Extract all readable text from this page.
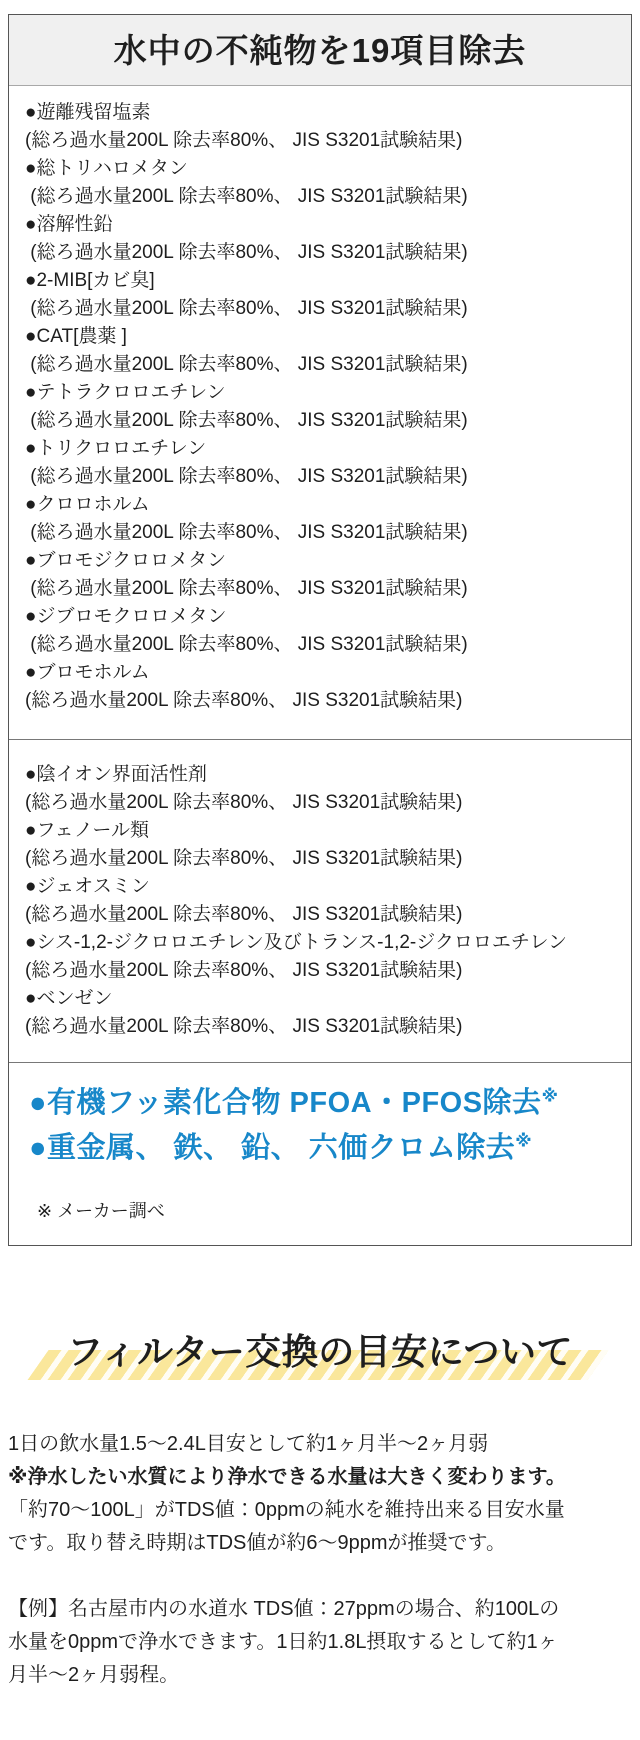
水中の不純物を19項目除去
●遊離残留塩素
(総ろ過水量200L 除去率80%、 JIS S3201試験結果)
●総トリハロメタン
(総ろ過水量200L 除去率80%、 JIS S3201試験結果)
●溶解性鉛
(総ろ過水量200L 除去率80%、 JIS S3201試験結果)
●2-MIB[カビ臭]
(総ろ過水量200L 除去率80%、 JIS S3201試験結果)
●CAT[農薬 ]
(総ろ過水量200L 除去率80%、 JIS S3201試験結果)
●テトラクロロエチレン
(総ろ過水量200L 除去率80%、 JIS S3201試験結果)
●トリクロロエチレン
(総ろ過水量200L 除去率80%、 JIS S3201試験結果)
●クロロホルム
(総ろ過水量200L 除去率80%、 JIS S3201試験結果)
●ブロモジクロロメタン
(総ろ過水量200L 除去率80%、 JIS S3201試験結果)
●ジブロモクロロメタン
(総ろ過水量200L 除去率80%、 JIS S3201試験結果)
●ブロモホルム
(総ろ過水量200L 除去率80%、 JIS S3201試験結果)
●陰イオン界面活性剤
(総ろ過水量200L 除去率80%、 JIS S3201試験結果)
●フェノール類
(総ろ過水量200L 除去率80%、 JIS S3201試験結果)
●ジェオスミン
(総ろ過水量200L 除去率80%、 JIS S3201試験結果)
●シス-1,2-ジクロロエチレン及びトランス-1,2-ジクロロエチレン
(総ろ過水量200L 除去率80%、 JIS S3201試験結果)
●ベンゼン
(総ろ過水量200L 除去率80%、 JIS S3201試験結果)
●有機フッ素化合物 PFOA・PFOS除去※
●重金属、 鉄、 鉛、 六価クロム除去※
※ メーカー調べ
フィルター交換の目安について
1日の飲水量1.5〜2.4L目安として約1ヶ月半〜2ヶ月弱
※浄水したい水質により浄水できる水量は大きく変わります。
「約70〜100L」がTDS値：0ppmの純水を維持出来る目安水量
です。取り替え時期はTDS値が約6〜9ppmが推奨です。
【例】名古屋市内の水道水 TDS値：27ppmの場合、約100Lの
水量を0ppmで浄水できます。1日約1.8L摂取するとして約1ヶ
月半〜2ヶ月弱程。
